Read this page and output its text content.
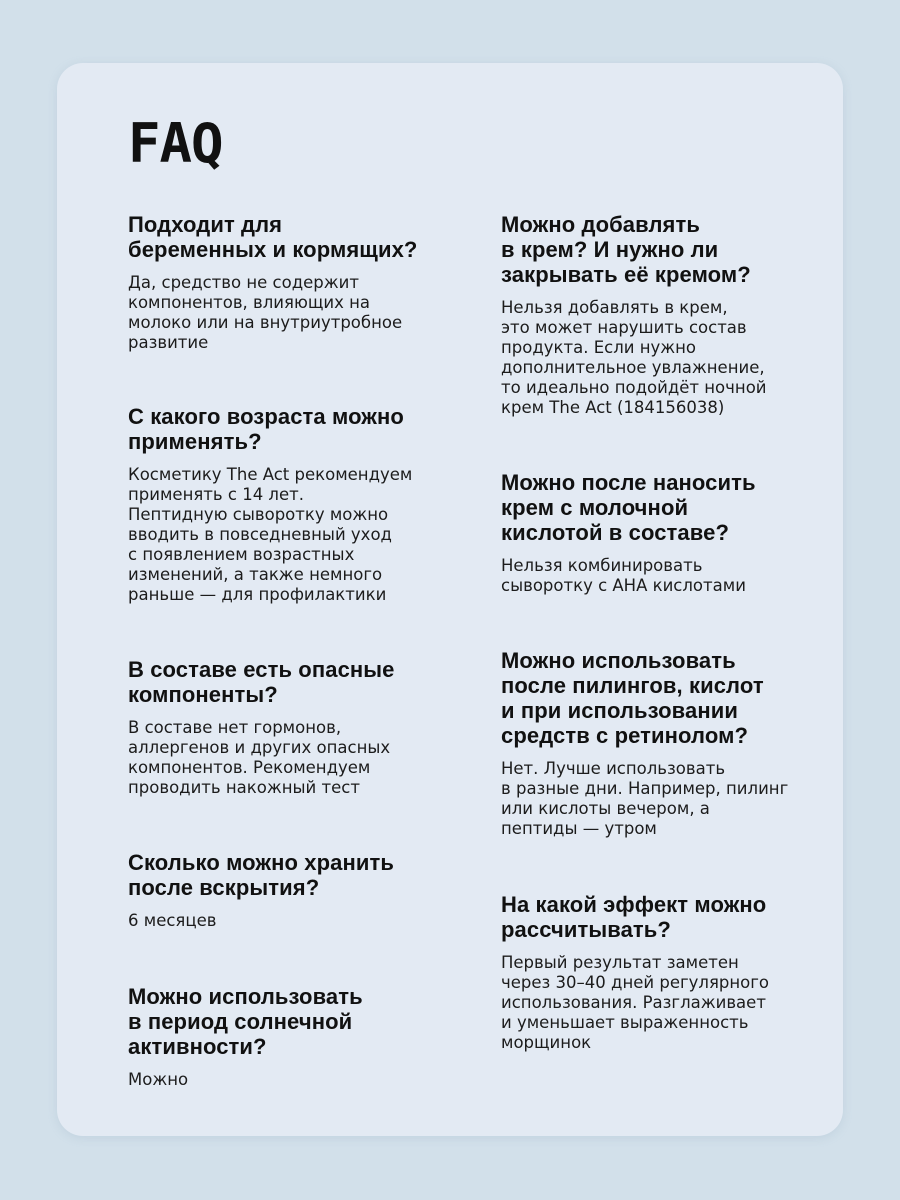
FAQ
Подходит для
беременных и кормящих?

Да, средство не содержит
компонентов, влияющих на
молоко или на внутриутробное
развитие

С какого возраста можно
применять?

Косметику The Act рекомендуем
применять с 14 лет.
Пептидную сыворотку можно
вводить в повседневный уход
с появлением возрастных
изменений, а также немного
раньше — для профилактики

В составе есть опасные
компоненты?

В составе нет гормонов,
аллергенов и других опасных
компонентов. Рекомендуем
проводить накожный тест

Сколько можно хранить
после вскрытия?

6 месяцев

Можно использовать
в период солнечной
активности?

Можно

Можно добавлять
в крем? И нужно ли
закрывать её кремом?

Нельзя добавлять в крем,
это может нарушить состав
продукта. Если нужно
дополнительное увлажнение,
то идеально подойдёт ночной
крем The Act (184156038)

Можно после наносить
крем с молочной
кислотой в составе?

Нельзя комбинировать
сыворотку с АНА кислотами

Можно использовать
после пилингов, кислот
и при использовании
средств с ретинолом?

Нет. Лучше использовать
в разные дни. Например, пилинг
или кислоты вечером, а
пептиды — утром

На какой эффект можно
рассчитывать?

Первый результат заметен
через 30–40 дней регулярного
использования. Разглаживает
и уменьшает выраженность
морщинок
